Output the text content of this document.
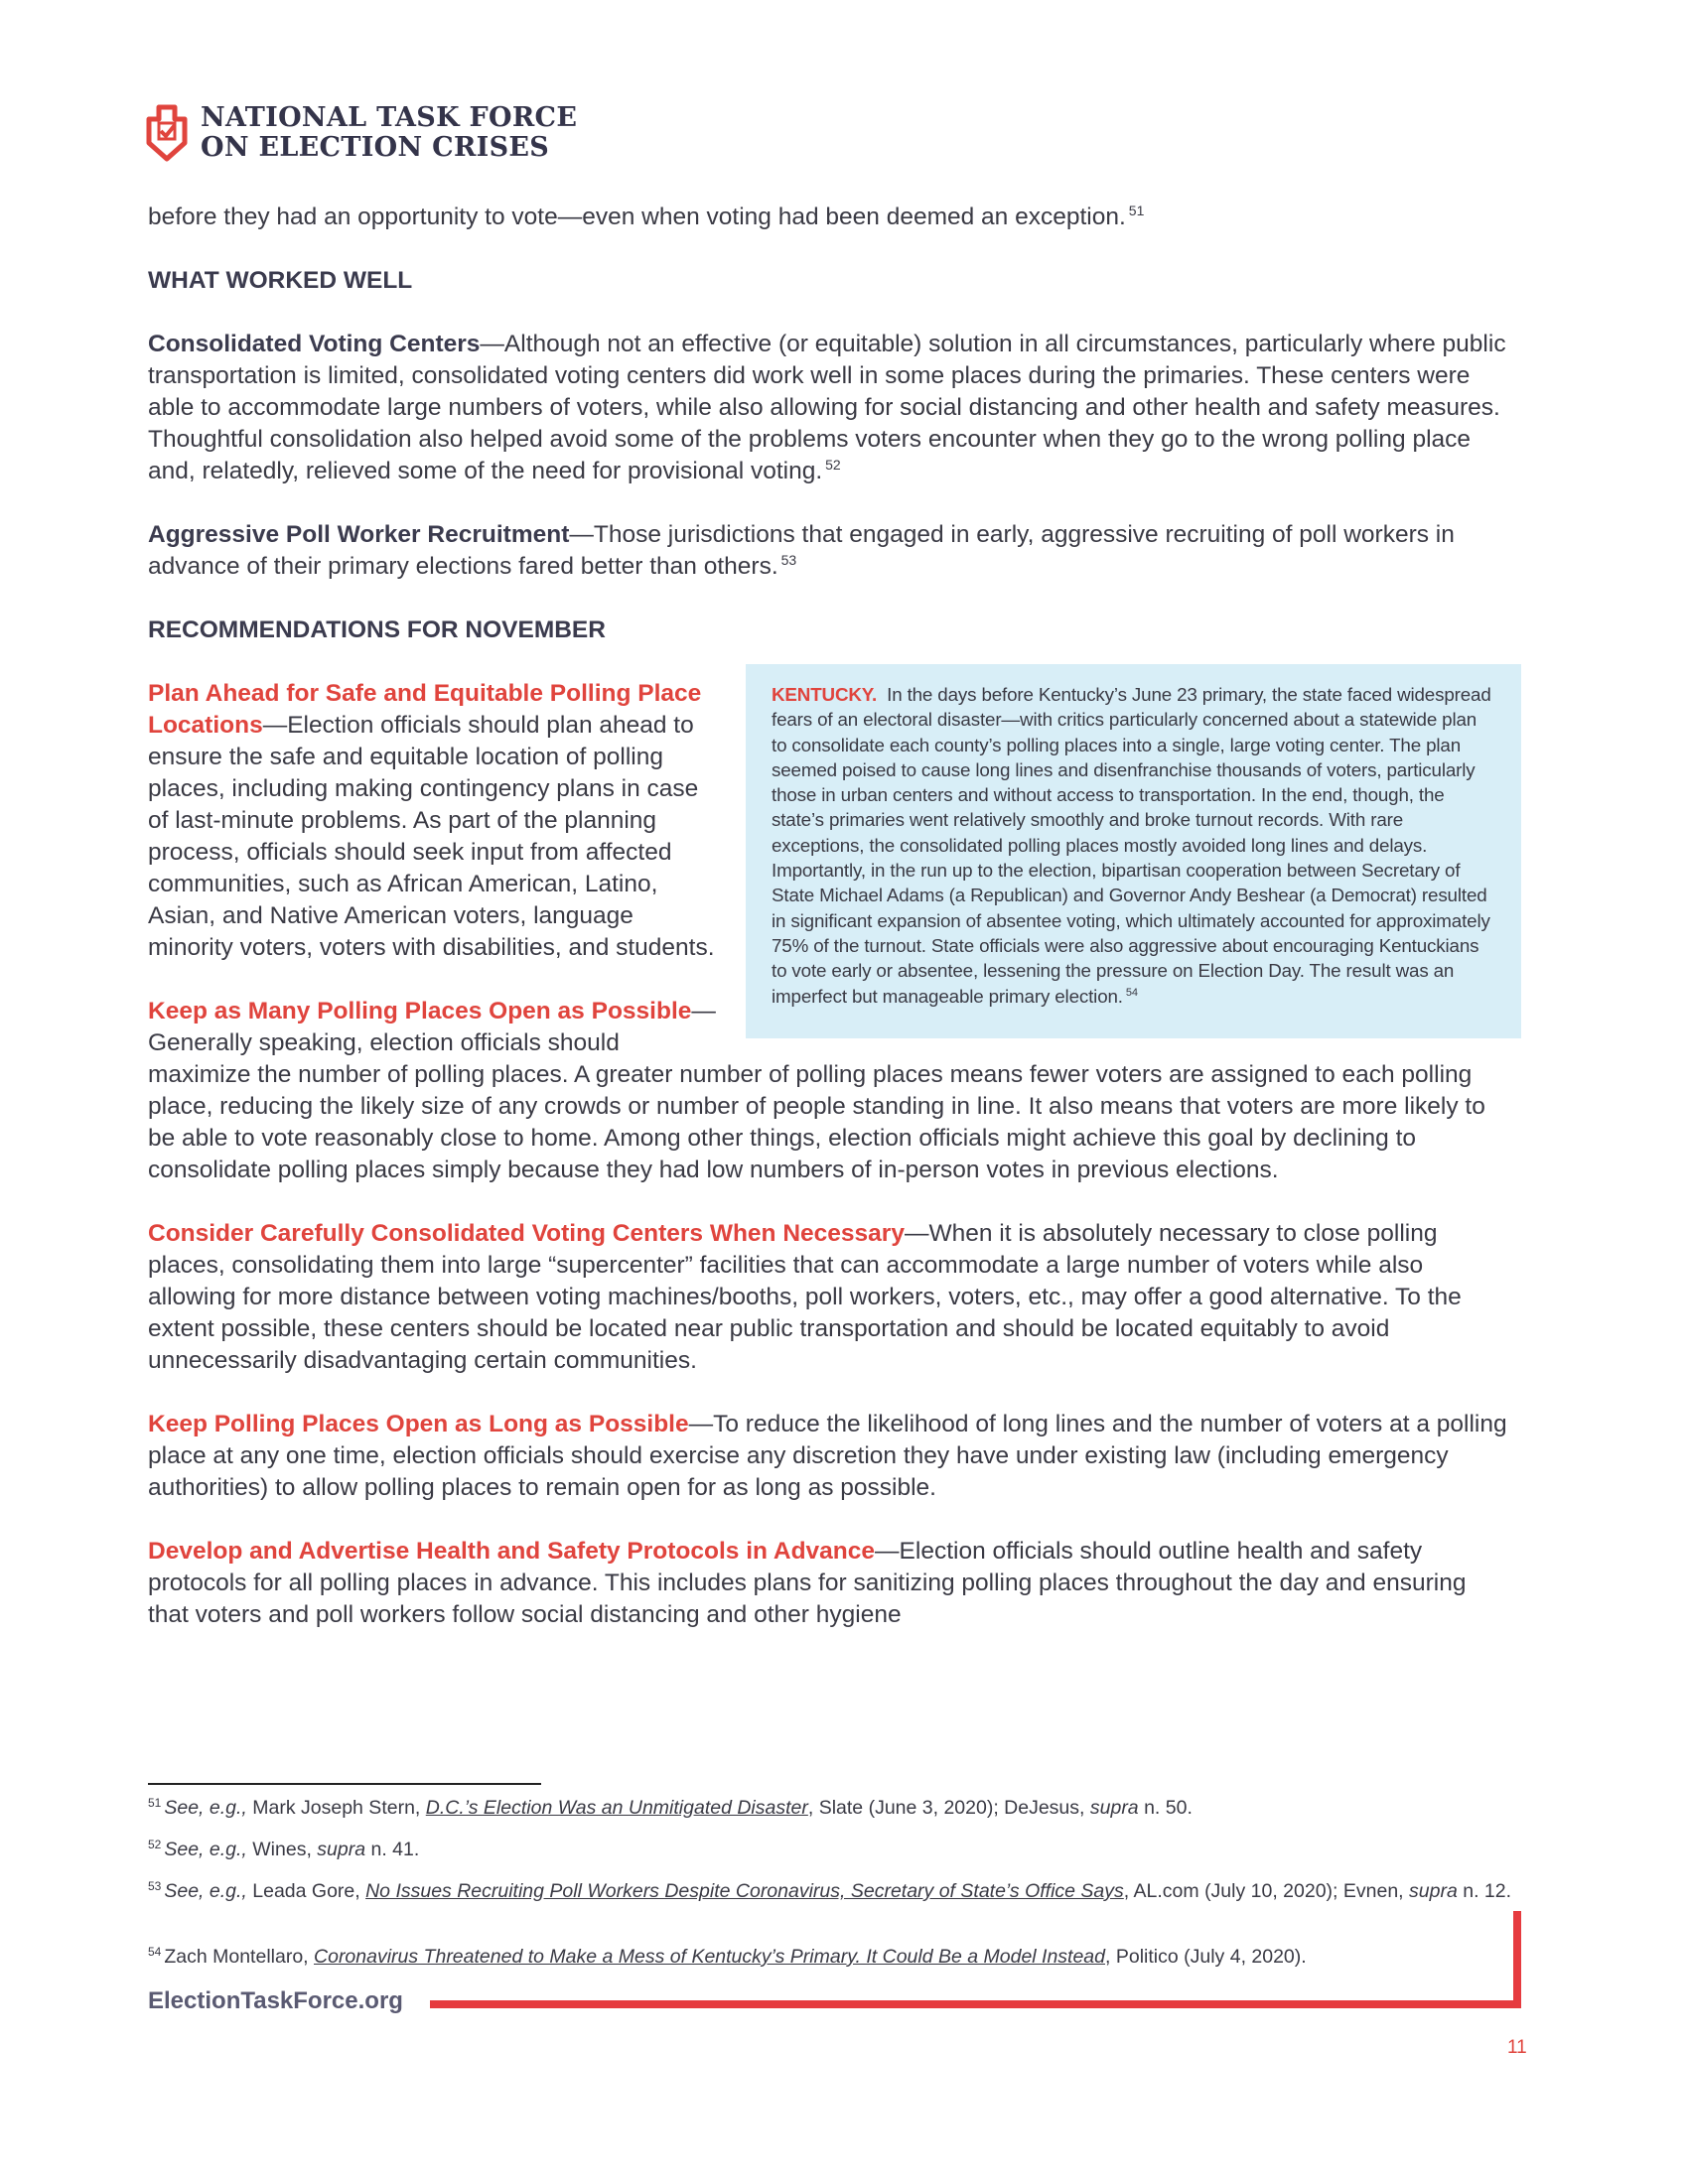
NATIONAL TASK FORCE
ON ELECTION CRISES

before they had an opportunity to vote—even when voting had been deemed an exception. $^{51}$

WHAT WORKED WELL

Consolidated Voting Centers—Although not an effective (or equitable) solution in all circumstances, particularly where public transportation is limited, consolidated voting centers did work well in some places during the primaries. These centers were able to accommodate large numbers of voters, while also allowing for social distancing and other health and safety measures. Thoughtful consolidation also helped avoid some of the problems voters encounter when they go to the wrong polling place and, relatedly, relieved some of the need for provisional voting. $^{52}$

Aggressive Poll Worker Recruitment—Those jurisdictions that engaged in early, aggressive recruiting of poll workers in advance of their primary elections fared better than others. $^{53}$

RECOMMENDATIONS FOR NOVEMBER

KENTUCKY. In the days before Kentucky’s June 23 primary, the state faced widespread fears of an electoral disaster—with critics particularly concerned about a statewide plan to consolidate each county’s polling places into a single, large voting center. The plan seemed poised to cause long lines and disenfranchise thousands of voters, particularly those in urban centers and without access to transportation. In the end, though, the state’s primaries went relatively smoothly and broke turnout records. With rare exceptions, the consolidated polling places mostly avoided long lines and delays. Importantly, in the run up to the election, bipartisan cooperation between Secretary of State Michael Adams (a Republican) and Governor Andy Beshear (a Democrat) resulted in significant expansion of absentee voting, which ultimately accounted for approximately 75% of the turnout. State officials were also aggressive about encouraging Kentuckians to vote early or absentee, lessening the pressure on Election Day. The result was an imperfect but manageable primary election. $^{54}$

Plan Ahead for Safe and Equitable Polling Place Locations—Election officials should plan ahead to ensure the safe and equitable location of polling places, including making contingency plans in case of last-minute problems. As part of the planning process, officials should seek input from affected communities, such as African American, Latino, Asian, and Native American voters, language minority voters, voters with disabilities, and students.

Keep as Many Polling Places Open as Possible—Generally speaking, election officials should maximize the number of polling places. A greater number of polling places means fewer voters are assigned to each polling place, reducing the likely size of any crowds or number of people standing in line. It also means that voters are more likely to be able to vote reasonably close to home. Among other things, election officials might achieve this goal by declining to consolidate polling places simply because they had low numbers of in-person votes in previous elections.

Consider Carefully Consolidated Voting Centers When Necessary—When it is absolutely necessary to close polling places, consolidating them into large “supercenter” facilities that can accommodate a large number of voters while also allowing for more distance between voting machines/booths, poll workers, voters, etc., may offer a good alternative. To the extent possible, these centers should be located near public transportation and should be located equitably to avoid unnecessarily disadvantaging certain communities.

Keep Polling Places Open as Long as Possible—To reduce the likelihood of long lines and the number of voters at a polling place at any one time, election officials should exercise any discretion they have under existing law (including emergency authorities) to allow polling places to remain open for as long as possible.

Develop and Advertise Health and Safety Protocols in Advance—Election officials should outline health and safety protocols for all polling places in advance. This includes plans for sanitizing polling places throughout the day and ensuring that voters and poll workers follow social distancing and other hygiene

$^{51}$ See, e.g., Mark Joseph Stern, D.C.’s Election Was an Unmitigated Disaster, Slate (June 3, 2020); DeJesus, supra n. 50.
$^{52}$ See, e.g., Wines, supra n. 41.
$^{53}$ See, e.g., Leada Gore, No Issues Recruiting Poll Workers Despite Coronavirus, Secretary of State’s Office Says, AL.com (July 10, 2020); Evnen, supra n. 12.
$^{54}$ Zach Montellaro, Coronavirus Threatened to Make a Mess of Kentucky’s Primary. It Could Be a Model Instead, Politico (July 4, 2020).
ElectionTaskForce.org
11
